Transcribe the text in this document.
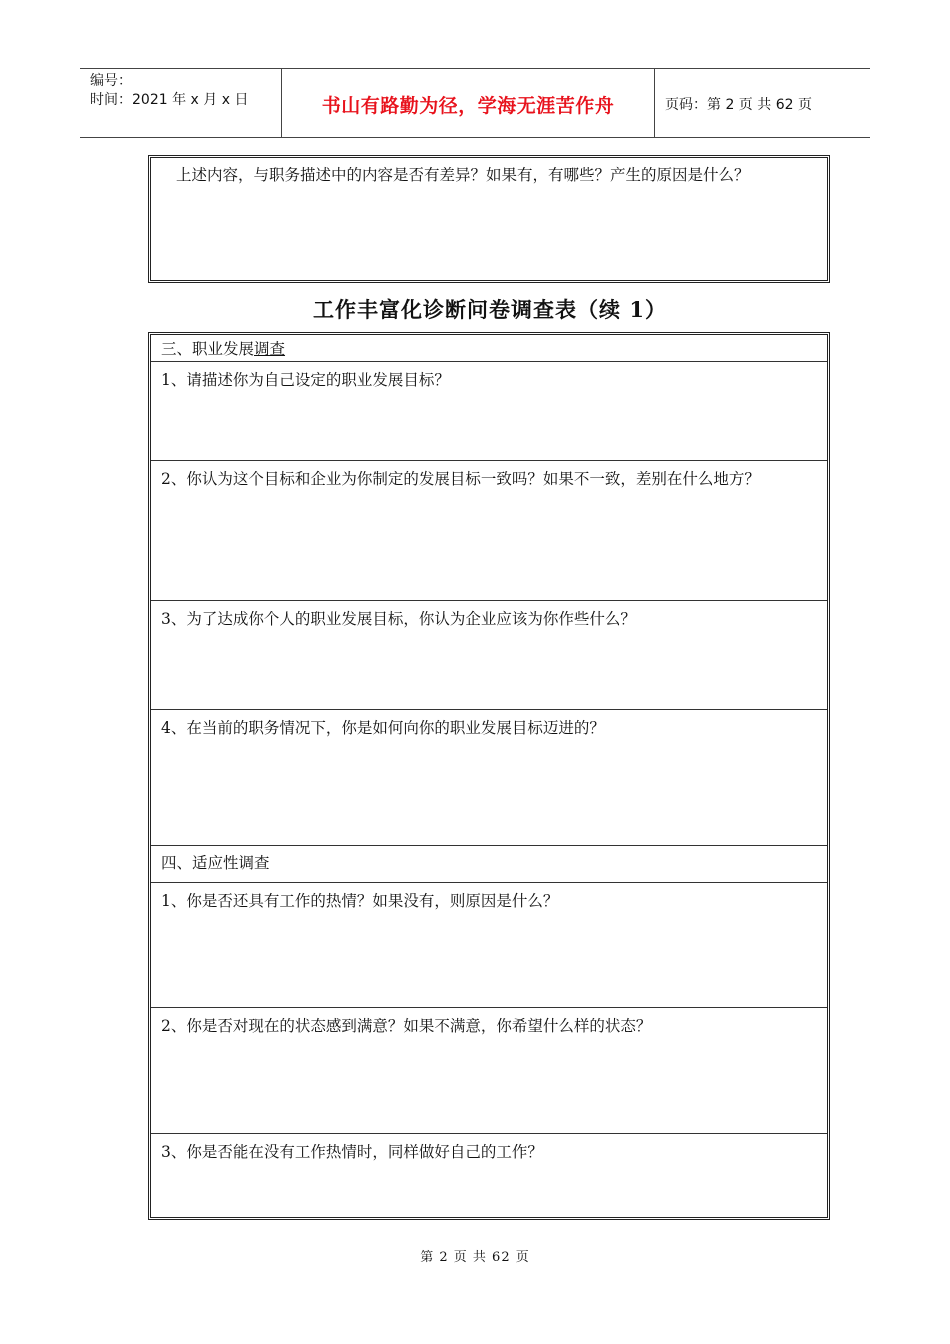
编号：
时间：2021 年 x 月 x 日	书山有路勤为径，学海无涯苦作舟	页码：第 2 页 共 62 页
上述内容，与职务描述中的内容是否有差异？如果有，有哪些？产生的原因是什么？
工作丰富化诊断问卷调查表（续 1）
三、职业发展调查
1、请描述你为自己设定的职业发展目标？
2、你认为这个目标和企业为你制定的发展目标一致吗？如果不一致，差别在什么地方？
3、为了达成你个人的职业发展目标，你认为企业应该为你作些什么？
4、在当前的职务情况下，你是如何向你的职业发展目标迈进的？
四、适应性调查
1、你是否还具有工作的热情？如果没有，则原因是什么？
2、你是否对现在的状态感到满意？如果不满意，你希望什么样的状态？
3、你是否能在没有工作热情时，同样做好自己的工作？
第 2 页 共 62 页
